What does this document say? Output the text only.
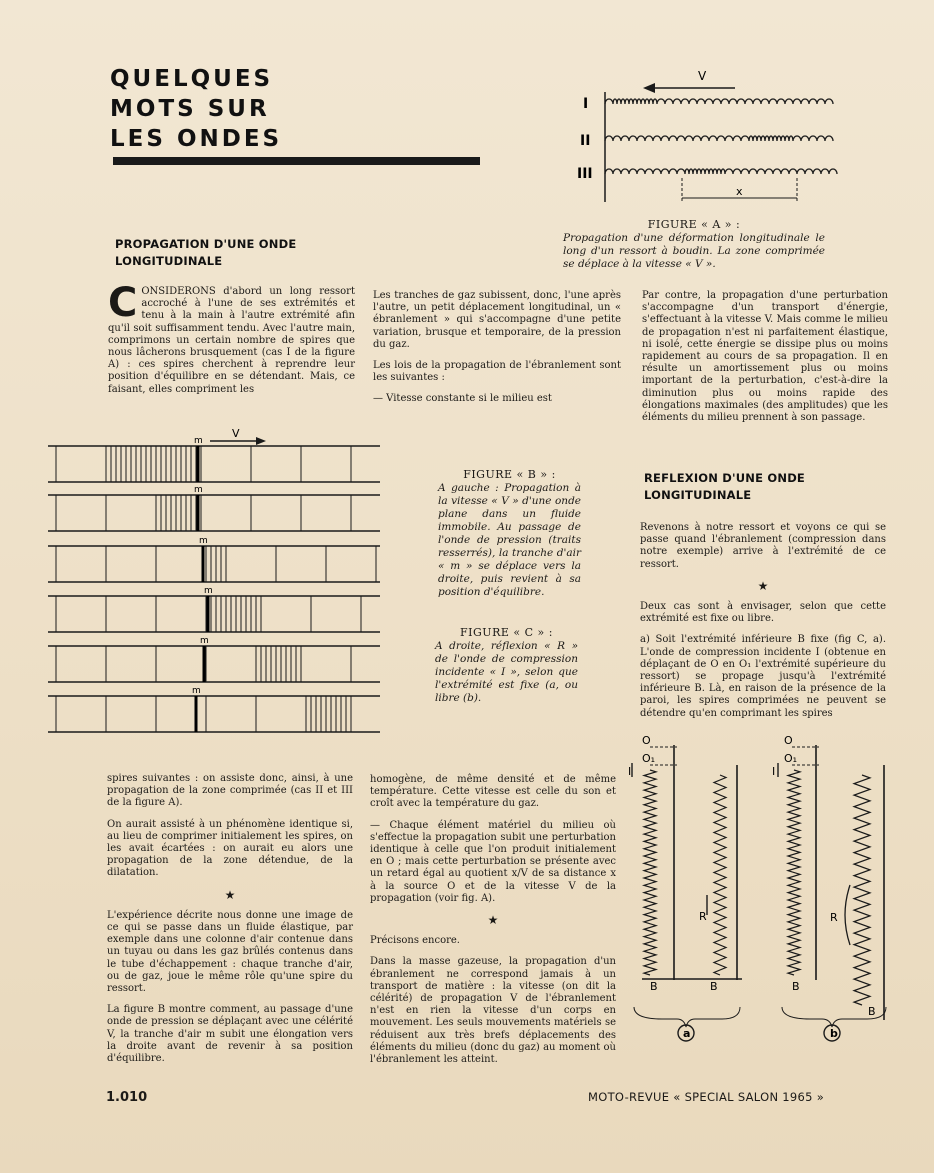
QUELQUES
MOTS SUR
LES ONDES
V
I
II
III
x
FIGURE « A » :
Propagation d'une déformation longitudinale le long d'un ressort à boudin. La zone comprimée se déplace à la vitesse « V ».
PROPAGATION D'UNE ONDE LONGITUDINALE

CONSIDERONS d'abord un long ressort accroché à l'une de ses extrémités et tenu à la main à l'autre extrémité afin qu'il soit suffisamment tendu. Avec l'autre main, comprimons un certain nombre de spires que nous lâcherons brusquement (cas I de la figure A) : ces spires cherchent à reprendre leur position d'équilibre en se détendant. Mais, ce faisant, elles compriment les

Les tranches de gaz subissent, donc, l'une après l'autre, un petit déplacement longitudinal, un « ébranlement » qui s'accompagne d'une petite variation, brusque et temporaire, de la pression du gaz.

Les lois de la propagation de l'ébranlement sont les suivantes :

— Vitesse constante si le milieu est

Par contre, la propagation d'une perturbation s'accompagne d'un transport d'énergie, s'effectuant à la vitesse V. Mais comme le milieu de propagation n'est ni parfaitement élastique, ni isolé, cette énergie se dissipe plus ou moins rapidement au cours de sa propagation. Il en résulte un amortissement plus ou moins important de la perturbation, c'est-à-dire la diminution plus ou moins rapide des élongations maximales (des amplitudes) que les éléments du milieu prennent à son passage.

REFLEXION D'UNE ONDE LONGITUDINALE

Revenons à notre ressort et voyons ce qui se passe quand l'ébranlement (compression dans notre exemple) arrive à l'extrémité de ce ressort.

★

Deux cas sont à envisager, selon que cette extrémité est fixe ou libre.

a) Soit l'extrémité inférieure B fixe (fig C, a). L'onde de compression incidente I (obtenue en déplaçant de O en O₁ l'extrémité supérieure du ressort) se propage jusqu'à l'extrémité inférieure B. Là, en raison de la présence de la paroi, les spires comprimées ne peuvent se détendre qu'en comprimant les spires

V
m
m
m
m
m
m
FIGURE « B » :
A gauche : Propagation à la vitesse « V » d'une onde plane dans un fluide immobile. Au passage de l'onde de pression (traits resserrés), la tranche d'air « m » se déplace vers la droite, puis revient à sa position d'équilibre.
FIGURE « C » :
A droite, réflexion « R » de l'onde de compression incidente « I », selon que l'extrémité est fixe (a, ou libre (b).

spires suivantes : on assiste donc, ainsi, à une propagation de la zone comprimée (cas II et III de la figure A).

On aurait assisté à un phénomène identique si, au lieu de comprimer initialement les spires, on les avait écartées : on aurait eu alors une propagation de la zone détendue, de la dilatation.

★

L'expérience décrite nous donne une image de ce qui se passe dans un fluide élastique, par exemple dans une colonne d'air contenue dans un tuyau ou dans les gaz brûlés contenus dans le tube d'échappement : chaque tranche d'air, ou de gaz, joue le même rôle qu'une spire du ressort.

La figure B montre comment, au passage d'une onde de pression se déplaçant avec une célérité V, la tranche d'air m subit une élongation vers la droite avant de revenir à sa position d'équilibre.

homogène, de même densité et de même température. Cette vitesse est celle du son et croît avec la température du gaz.

— Chaque élément matériel du milieu où s'effectue la propagation subit une perturbation identique à celle que l'on produit initialement en O ; mais cette perturbation se présente avec un retard égal au quotient x/V de sa distance x à la source O et de la vitesse V de la propagation (voir fig. A).

★

Précisons encore.

Dans la masse gazeuse, la propagation d'un ébranlement ne correspond jamais à un transport de matière : la vitesse (on dit la célérité) de propagation V de l'ébranlement n'est en rien la vitesse d'un corps en mouvement. Les seuls mouvements matériels se réduisent aux très brefs déplacements des éléments du milieu (donc du gaz) au moment où l'ébranlement les atteint.

O
O₁
I
R
B	B
a
O
O₁
I
R
B
B
b
1.010	MOTO-REVUE « SPECIAL SALON 1965 »
